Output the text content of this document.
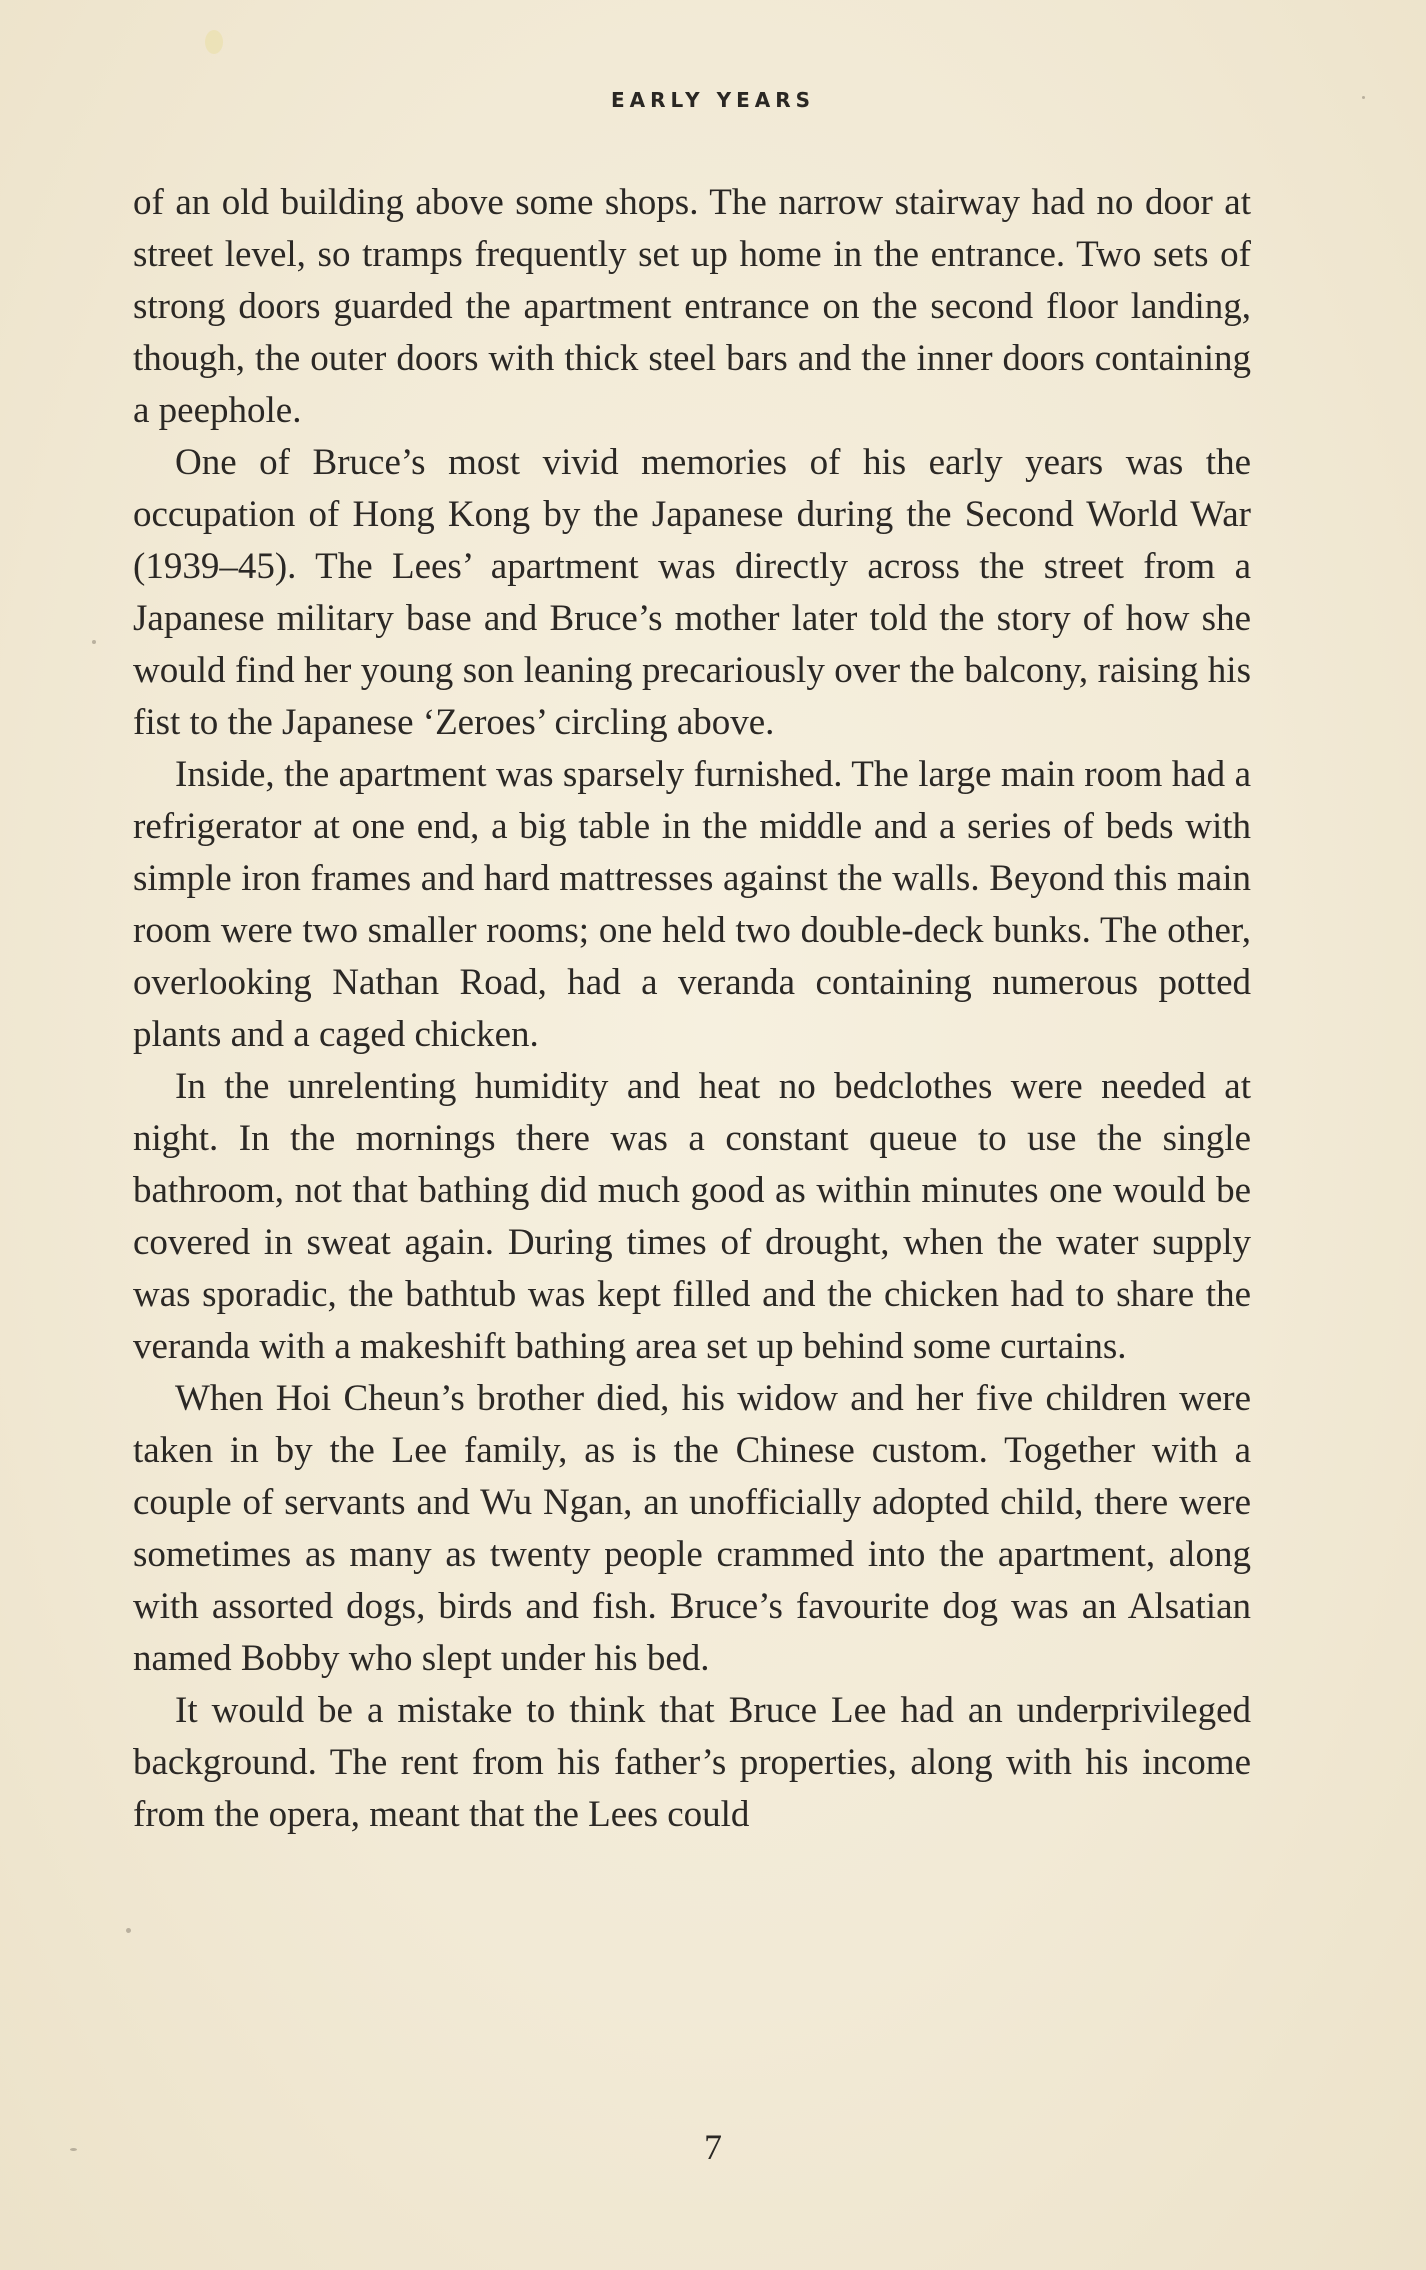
EARLY YEARS

of an old building above some shops. The narrow stairway had no door at street level, so tramps frequently set up home in the entrance. Two sets of strong doors guarded the apartment entrance on the second floor landing, though, the outer doors with thick steel bars and the inner doors containing a peephole.

One of Bruce’s most vivid memories of his early years was the occupation of Hong Kong by the Japanese during the Second World War (1939–45). The Lees’ apartment was directly across the street from a Japanese military base and Bruce’s mother later told the story of how she would find her young son leaning precariously over the balcony, raising his fist to the Japanese ‘Zeroes’ circling above.

Inside, the apartment was sparsely furnished. The large main room had a refrigerator at one end, a big table in the middle and a series of beds with simple iron frames and hard mattresses against the walls. Beyond this main room were two smaller rooms; one held two double-deck bunks. The other, overlooking Nathan Road, had a veranda containing numerous potted plants and a caged chicken.

In the unrelenting humidity and heat no bedclothes were needed at night. In the mornings there was a constant queue to use the single bathroom, not that bathing did much good as within minutes one would be covered in sweat again. During times of drought, when the water supply was sporadic, the bathtub was kept filled and the chicken had to share the veranda with a makeshift bathing area set up behind some curtains.

When Hoi Cheun’s brother died, his widow and her five children were taken in by the Lee family, as is the Chinese custom. Together with a couple of servants and Wu Ngan, an unofficially adopted child, there were sometimes as many as twenty people crammed into the apartment, along with assorted dogs, birds and fish. Bruce’s favourite dog was an Alsatian named Bobby who slept under his bed.

It would be a mistake to think that Bruce Lee had an underprivileged background. The rent from his father’s properties, along with his income from the opera, meant that the Lees could

7
